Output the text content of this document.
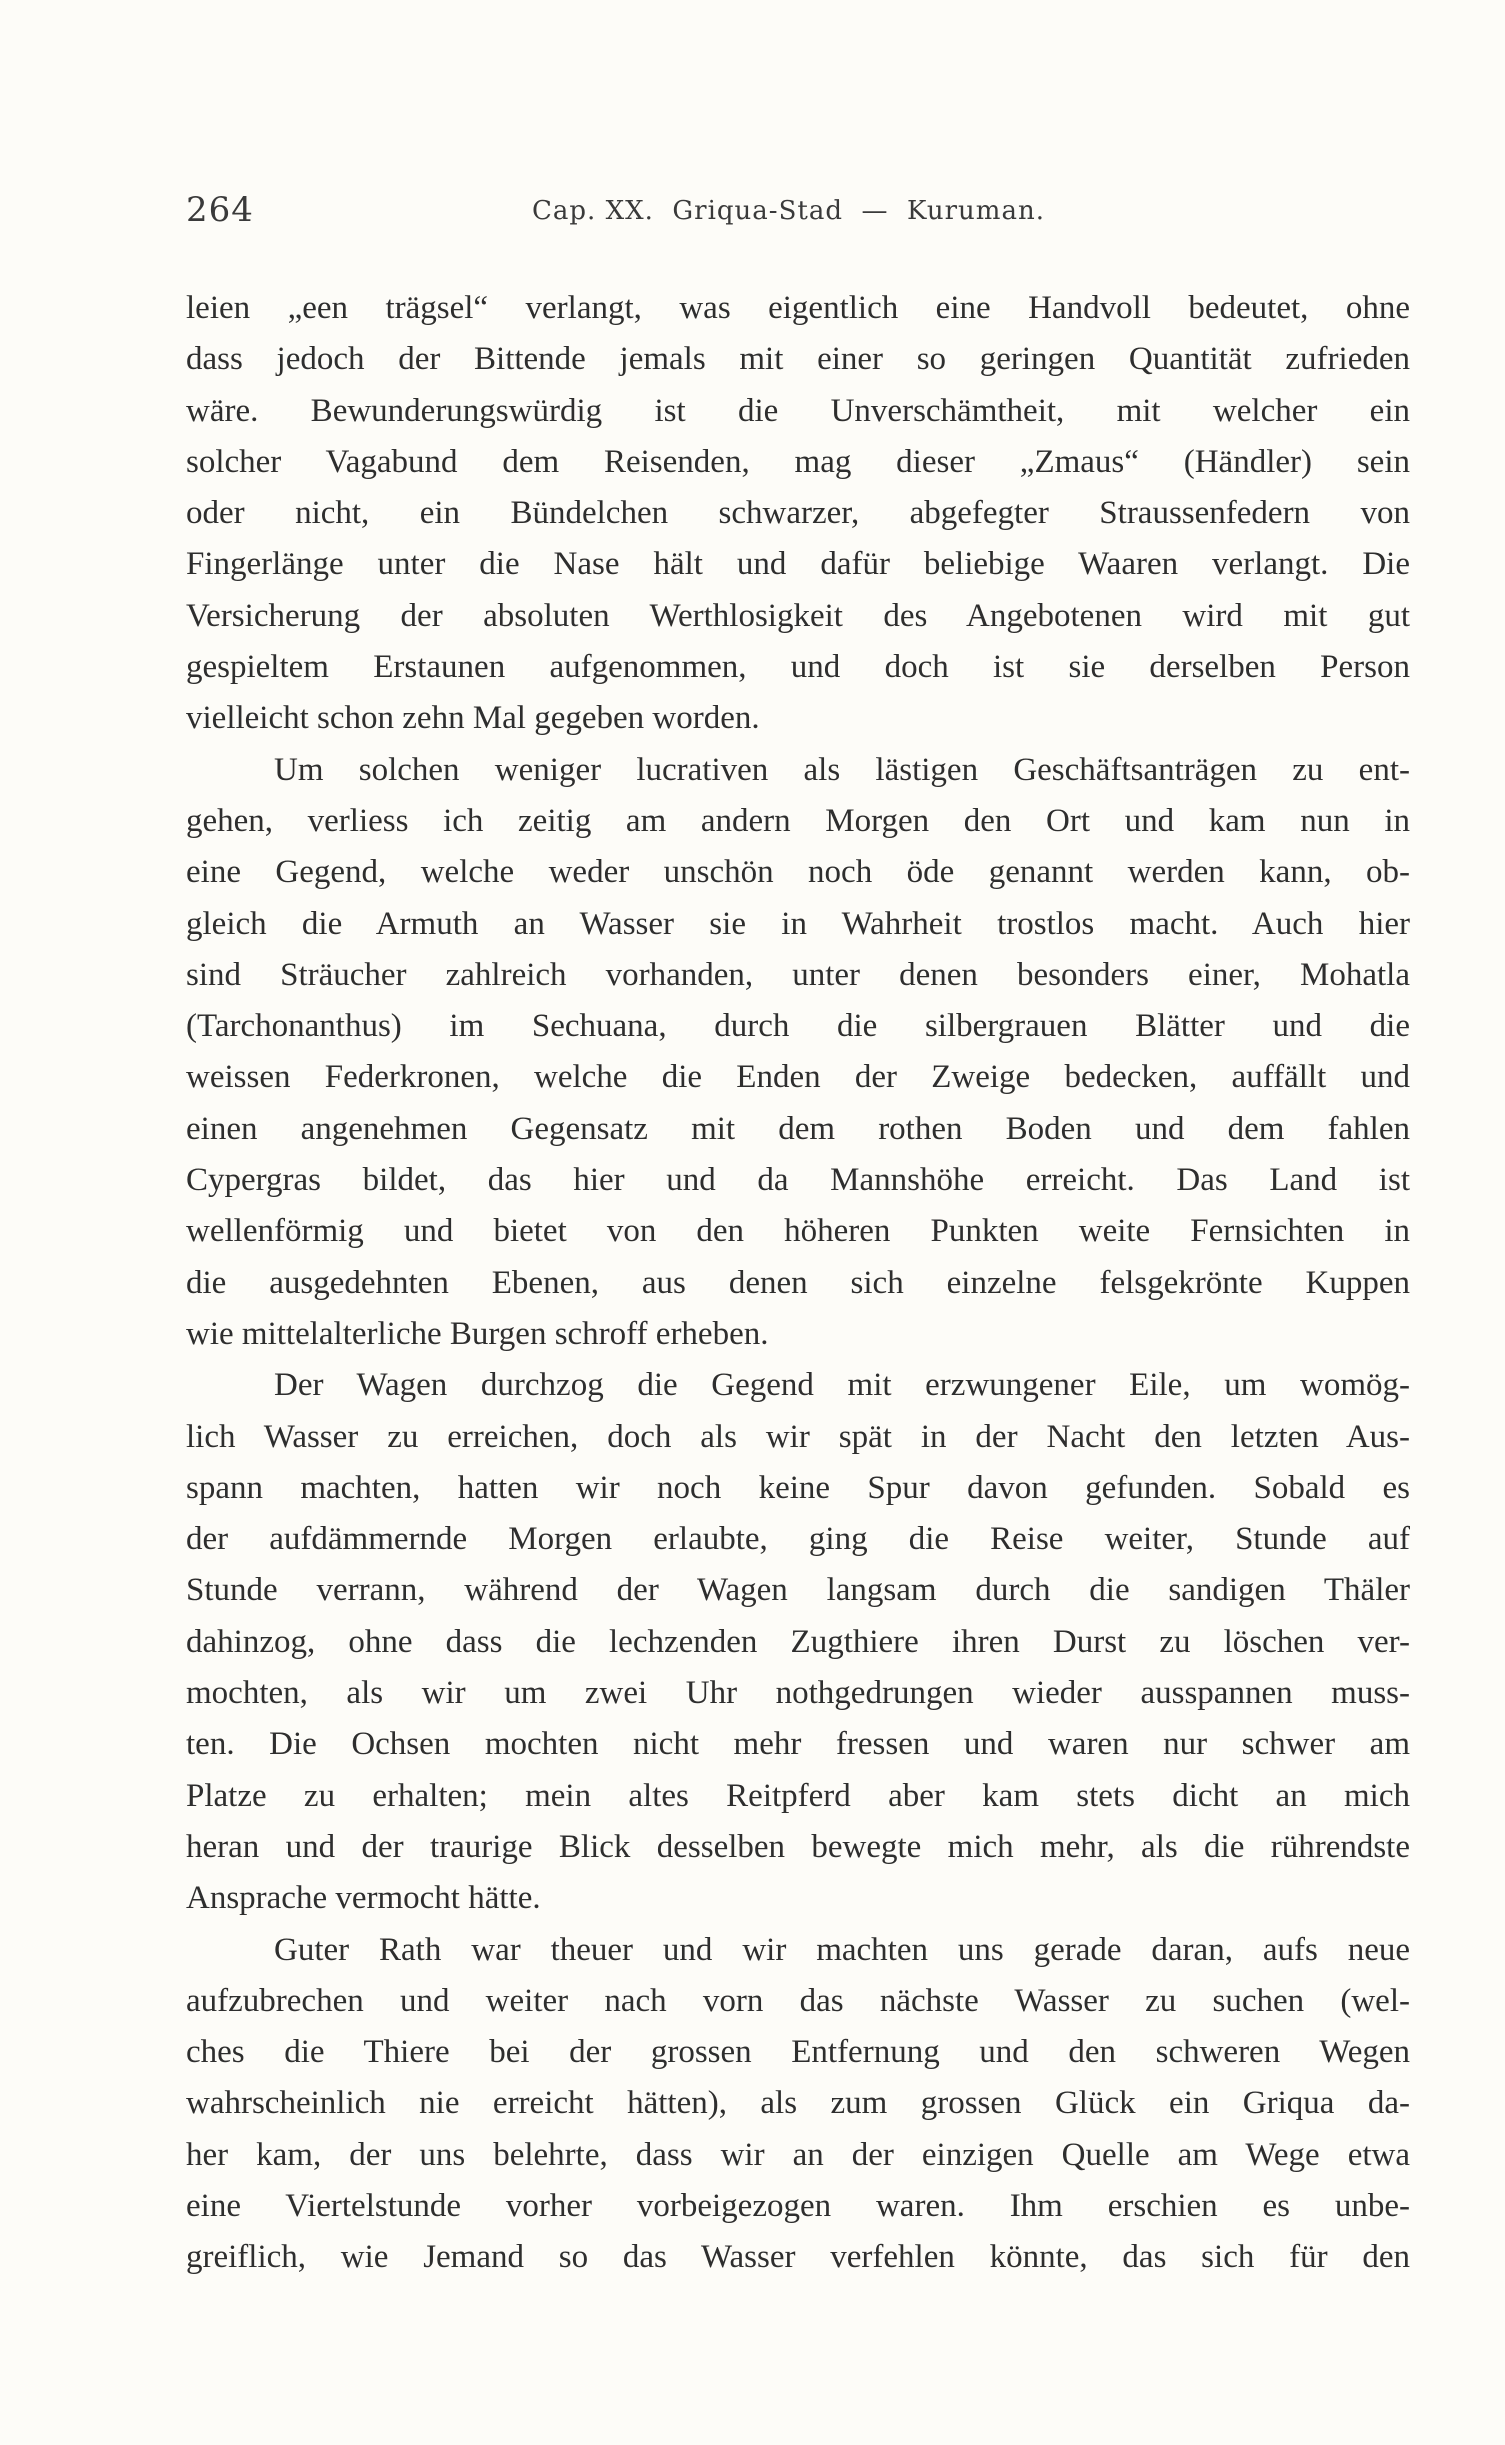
264	Cap. XX.  Griqua-Stad  —  Kuruman.
leien „een trägsel“ verlangt, was eigentlich eine Handvoll bedeutet, ohne
dass jedoch der Bittende jemals mit einer so geringen Quantität zufrieden
wäre. Bewunderungswürdig ist die Unverschämtheit, mit welcher ein
solcher Vagabund dem Reisenden, mag dieser „Zmaus“ (Händler) sein
oder nicht, ein Bündelchen schwarzer, abgefegter Straussenfedern von
Fingerlänge unter die Nase hält und dafür beliebige Waaren verlangt. Die
Versicherung der absoluten Werthlosigkeit des Angebotenen wird mit gut
gespieltem Erstaunen aufgenommen, und doch ist sie derselben Person
vielleicht schon zehn Mal gegeben worden.
Um solchen weniger lucrativen als lästigen Geschäftsanträgen zu ent-
gehen, verliess ich zeitig am andern Morgen den Ort und kam nun in
eine Gegend, welche weder unschön noch öde genannt werden kann, ob-
gleich die Armuth an Wasser sie in Wahrheit trostlos macht. Auch hier
sind Sträucher zahlreich vorhanden, unter denen besonders einer, Mohatla
(Tarchonanthus) im Sechuana, durch die silbergrauen Blätter und die
weissen Federkronen, welche die Enden der Zweige bedecken, auffällt und
einen angenehmen Gegensatz mit dem rothen Boden und dem fahlen
Cypergras bildet, das hier und da Mannshöhe erreicht. Das Land ist
wellenförmig und bietet von den höheren Punkten weite Fernsichten in
die ausgedehnten Ebenen, aus denen sich einzelne felsgekrönte Kuppen
wie mittelalterliche Burgen schroff erheben.
Der Wagen durchzog die Gegend mit erzwungener Eile, um womög-
lich Wasser zu erreichen, doch als wir spät in der Nacht den letzten Aus-
spann machten, hatten wir noch keine Spur davon gefunden. Sobald es
der aufdämmernde Morgen erlaubte, ging die Reise weiter, Stunde auf
Stunde verrann, während der Wagen langsam durch die sandigen Thäler
dahinzog, ohne dass die lechzenden Zugthiere ihren Durst zu löschen ver-
mochten, als wir um zwei Uhr nothgedrungen wieder ausspannen muss-
ten. Die Ochsen mochten nicht mehr fressen und waren nur schwer am
Platze zu erhalten; mein altes Reitpferd aber kam stets dicht an mich
heran und der traurige Blick desselben bewegte mich mehr, als die rührendste
Ansprache vermocht hätte.
Guter Rath war theuer und wir machten uns gerade daran, aufs neue
aufzubrechen und weiter nach vorn das nächste Wasser zu suchen (wel-
ches die Thiere bei der grossen Entfernung und den schweren Wegen
wahrscheinlich nie erreicht hätten), als zum grossen Glück ein Griqua da-
her kam, der uns belehrte, dass wir an der einzigen Quelle am Wege etwa
eine Viertelstunde vorher vorbeigezogen waren. Ihm erschien es unbe-
greiflich, wie Jemand so das Wasser verfehlen könnte, das sich für den
